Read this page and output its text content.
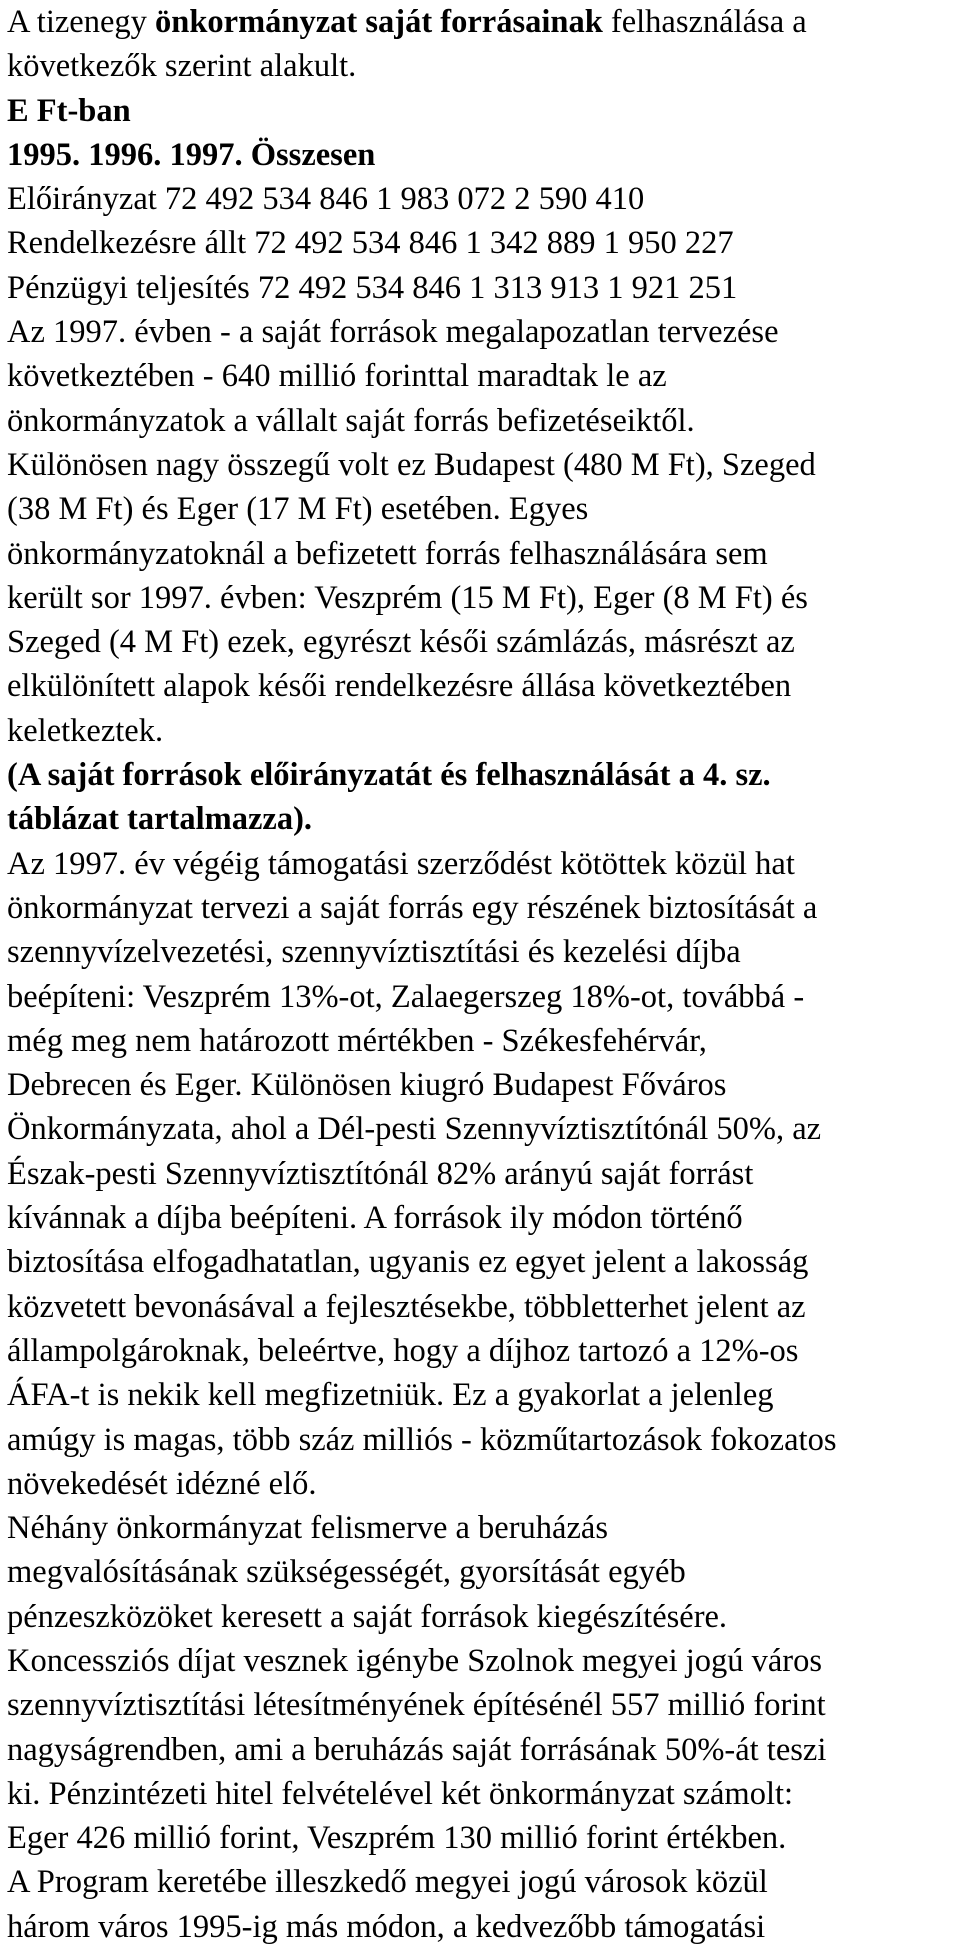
A tizenegy önkormányzat saját forrásainak felhasználása a
következők szerint alakult.
E Ft-ban
1995. 1996. 1997. Összesen
Előirányzat 72 492 534 846 1 983 072 2 590 410
Rendelkezésre állt 72 492 534 846 1 342 889 1 950 227
Pénzügyi teljesítés 72 492 534 846 1 313 913 1 921 251
Az 1997. évben - a saját források megalapozatlan tervezése
következtében - 640 millió forinttal maradtak le az
önkormányzatok a vállalt saját forrás befizetéseiktől.
Különösen nagy összegű volt ez Budapest (480 M Ft), Szeged
(38 M Ft) és Eger (17 M Ft) esetében. Egyes
önkormányzatoknál a befizetett forrás felhasználására sem
került sor 1997. évben: Veszprém (15 M Ft), Eger (8 M Ft) és
Szeged (4 M Ft) ezek, egyrészt késői számlázás, másrészt az
elkülönített alapok késői rendelkezésre állása következtében
keletkeztek.
(A saját források előirányzatát és felhasználását a 4. sz.
táblázat tartalmazza).
Az 1997. év végéig támogatási szerződést kötöttek közül hat
önkormányzat tervezi a saját forrás egy részének biztosítását a
szennyvízelvezetési, szennyvíztisztítási és kezelési díjba
beépíteni: Veszprém 13%-ot, Zalaegerszeg 18%-ot, továbbá -
még meg nem határozott mértékben - Székesfehérvár,
Debrecen és Eger. Különösen kiugró Budapest Főváros
Önkormányzata, ahol a Dél-pesti Szennyvíztisztítónál 50%, az
Észak-pesti Szennyvíztisztítónál 82% arányú saját forrást
kívánnak a díjba beépíteni. A források ily módon történő
biztosítása elfogadhatatlan, ugyanis ez egyet jelent a lakosság
közvetett bevonásával a fejlesztésekbe, többletterhet jelent az
állampolgároknak, beleértve, hogy a díjhoz tartozó a 12%-os
ÁFA-t is nekik kell megfizetniük. Ez a gyakorlat a jelenleg
amúgy is magas, több száz milliós - közműtartozások fokozatos
növekedését idézné elő.
Néhány önkormányzat felismerve a beruházás
megvalósításának szükségességét, gyorsítását egyéb
pénzeszközöket keresett a saját források kiegészítésére.
Koncessziós díjat vesznek igénybe Szolnok megyei jogú város
szennyvíztisztítási létesítményének építésénél 557 millió forint
nagyságrendben, ami a beruházás saját forrásának 50%-át teszi
ki. Pénzintézeti hitel felvételével két önkormányzat számolt:
Eger 426 millió forint, Veszprém 130 millió forint értékben.
A Program keretébe illeszkedő megyei jogú városok közül
három város 1995-ig más módon, a kedvezőbb támogatási
